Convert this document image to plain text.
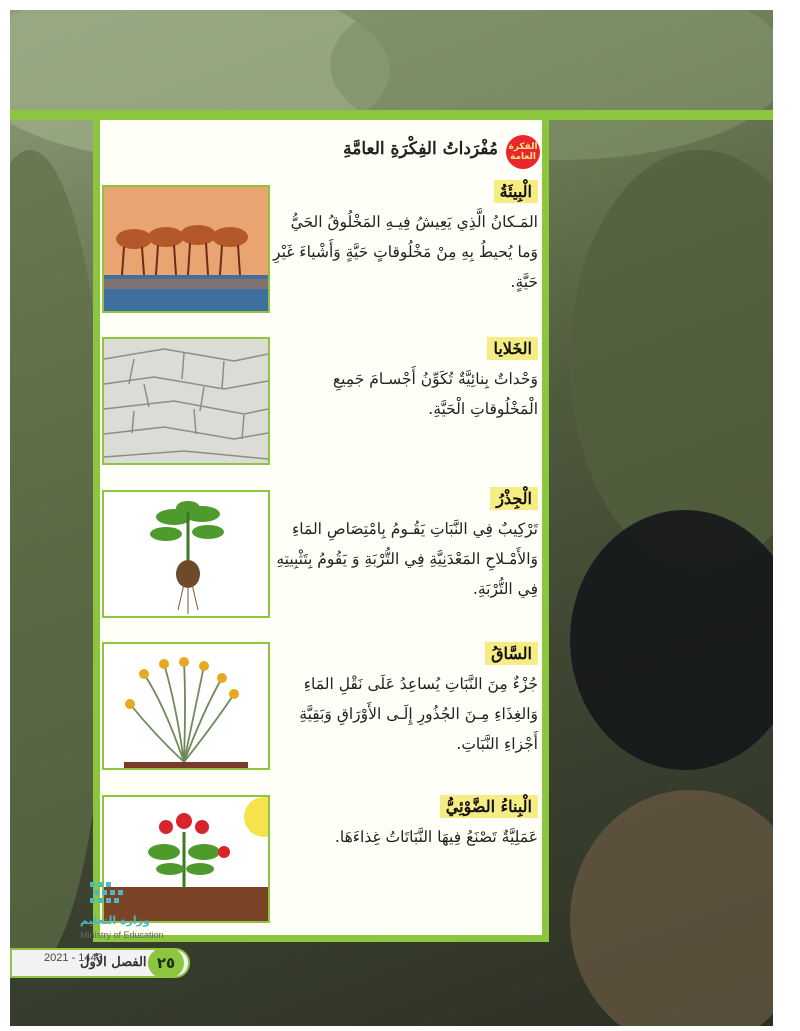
الفكرة
العامة
مُفْرَداتُ الفِكْرَةِ العامَّةِ
الْبِيئَةُ
المَـكانُ الَّذِي يَعِيشُ فِيـهِ المَخْلُوقُ الحَيُّ وَما يُحيطُ بِهِ مِنْ مَخْلُوقاتٍ حَيَّةٍ وَأَشْياءَ غَيْرِ حَيَّةٍ.
الخَلايا
وَحْداتٌ بِنائِيَّةٌ تُكَوِّنُ أَجْسـامَ جَمِيعِ الْمَخْلُوقاتِ الْحَيَّةِ.
الْجِذْرُ
تَرْكِيبٌ فِي النَّبَاتِ يَقُـومُ بِامْتِصَاصِ المَاءِ وَالأَمْـلاحِ المَعْدَنِيَّةِ فِي التُّرْبَةِ وَ يَقُومُ بِتَثْبِيتِهِ فِي التُّرْبَةِ.
السَّاقُ
جُزْءٌ مِنَ النَّبَاتِ يُساعِدُ عَلَى نَقْلِ المَاءِ وَالغِذَاءِ مِـنَ الجُذُورِ إِلَـى الأَوْرَاقِ وَبَقِيَّةِ أَجْزاءِ النَّبَاتِ.
الْبِناءُ الضَّوْئِيُّ
عَمَلِيَّةٌ تَصْنَعُ فِيهَا النَّبَاتَاتُ غِذاءَهَا.
وزارة التعليم
Ministry of Education
2021 - 1443
الفصل الأول ٢٥
